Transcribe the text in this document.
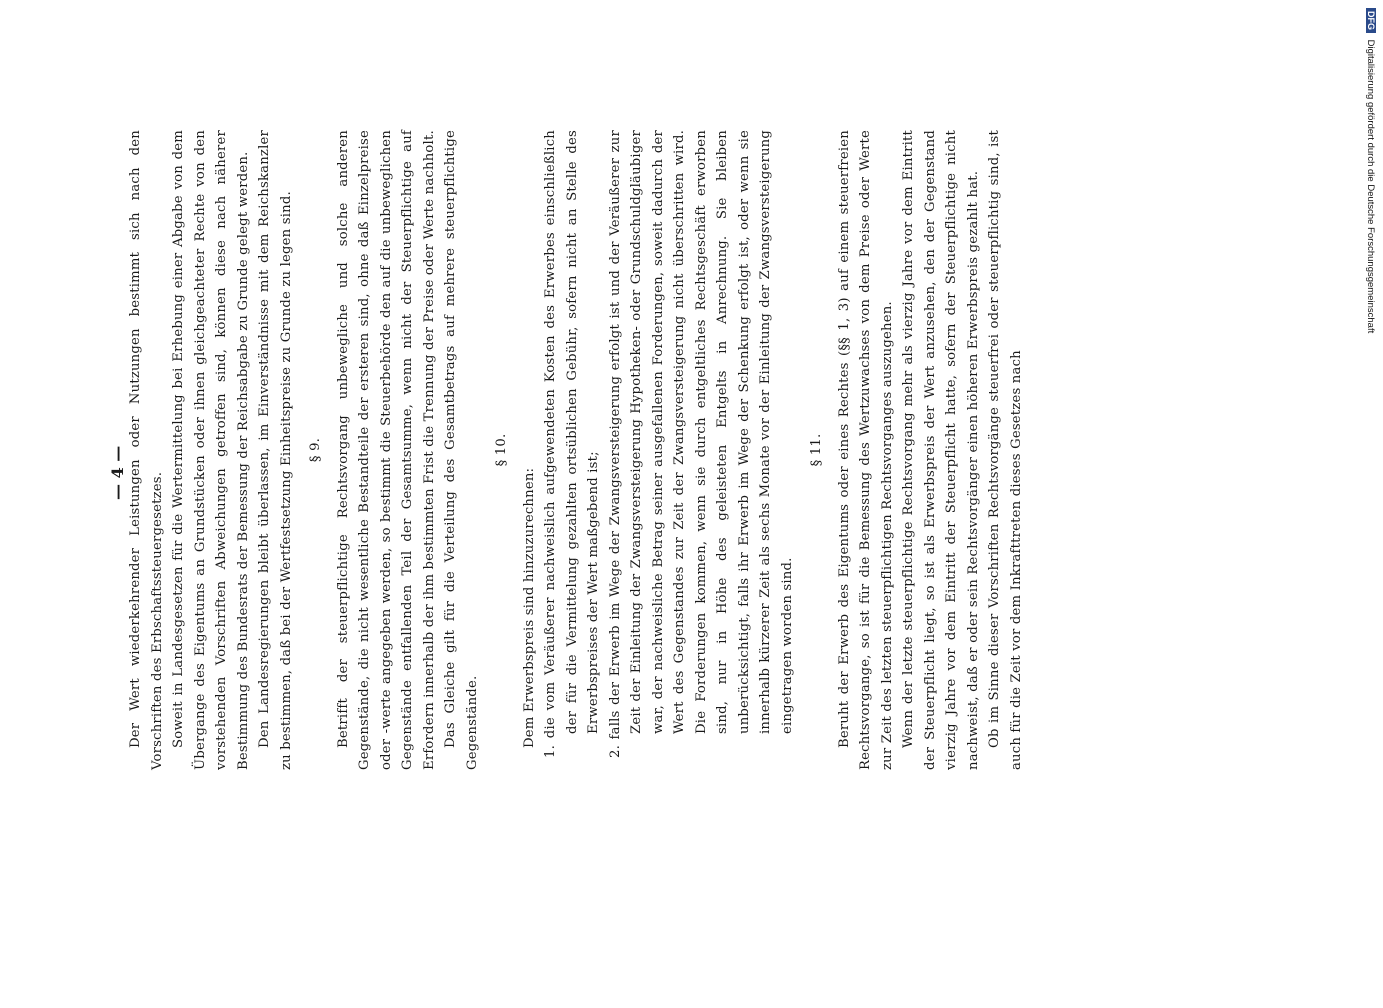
— 4 — Der Wert wiederkehrender Leistungen oder Nutzungen bestimmt sich nach den Vorschriften des Erbschaftssteuergesetzes. Soweit in Landesgesetzen für die Wertermittelung bei Erhebung einer Abgabe von dem Übergange des Eigentums an Grundstücken oder ihnen gleichgeachteter Rechte von den vorstehenden Vorschriften Abweichungen getroffen sind, können diese nach näherer Bestimmung des Bundesrats der Bemessung der Reichsabgabe zu Grunde gelegt werden. Den Landesregierungen bleibt überlassen, im Einverständnisse mit dem Reichskanzler zu bestimmen, daß bei der Wertfestsetzung Einheitspreise zu Grunde zu legen sind. § 9. Betrifft der steuerpflichtige Rechtsvorgang unbewegliche und solche anderen Gegenstände, die nicht wesentliche Bestandteile der ersteren sind, ohne daß Einzelpreise oder -werte angegeben werden, so bestimmt die Steuerbehörde den auf die unbeweglichen Gegenstände entfallenden Teil der Gesamtsumme, wenn nicht der Steuerpflichtige auf Erfordern innerhalb der ihm bestimmten Frist die Trennung der Preise oder Werte nachholt. Das Gleiche gilt für die Verteilung des Gesamtbetrags auf mehrere steuerpflichtige Gegenstände.

§ 10.

Dem Erwerbspreis sind hinzuzurechnen:

1. die vom Veräußerer nachweislich aufgewendeten Kosten des Erwerbes einschließlich der für die Vermittelung gezahlten ortsüblichen Gebühr, sofern nicht an Stelle des Erwerbspreises der Wert maßgebend ist;
2. falls der Erwerb im Wege der Zwangsversteigerung erfolgt ist und der Veräußerer zur Zeit der Einleitung der Zwangsversteigerung Hypotheken- oder Grundschuldgläubiger war, der nachweisliche Betrag seiner ausgefallenen Forderungen, soweit dadurch der Wert des Gegenstandes zur Zeit der Zwangsversteigerung nicht überschritten wird. Die Forderungen kommen, wenn sie durch entgeltliches Rechtsgeschäft erworben sind, nur in Höhe des geleisteten Entgelts in Anrechnung. Sie bleiben unberücksichtigt, falls ihr Erwerb im Wege der Schenkung erfolgt ist, oder wenn sie innerhalb kürzerer Zeit als sechs Monate vor der Einleitung der Zwangsversteigerung eingetragen worden sind.
§ 11. Beruht der Erwerb des Eigentums oder eines Rechtes (§§ 1, 3) auf einem steuerfreien Rechtsvorgange, so ist für die Bemessung des Wertzuwachses von dem Preise oder Werte zur Zeit des letzten steuerpflichtigen Rechtsvorganges auszugehen. Wenn der letzte steuerpflichtige Rechtsvorgang mehr als vierzig Jahre vor dem Eintritt der Steuerpflicht liegt, so ist als Erwerbspreis der Wert anzusehen, den der Gegenstand vierzig Jahre vor dem Eintritt der Steuerpflicht hatte, sofern der Steuerpflichtige nicht nachweist, daß er oder sein Rechtsvorgänger einen höheren Erwerbspreis gezahlt hat. Ob im Sinne dieser Vorschriften Rechtsvorgänge steuerfrei oder steuerpflichtig sind, ist auch für die Zeit vor dem Inkrafttreten dieses Gesetzes nach

DFG Digitalisierung gefördert durch die Deutsche Forschungsgemeinschaft
